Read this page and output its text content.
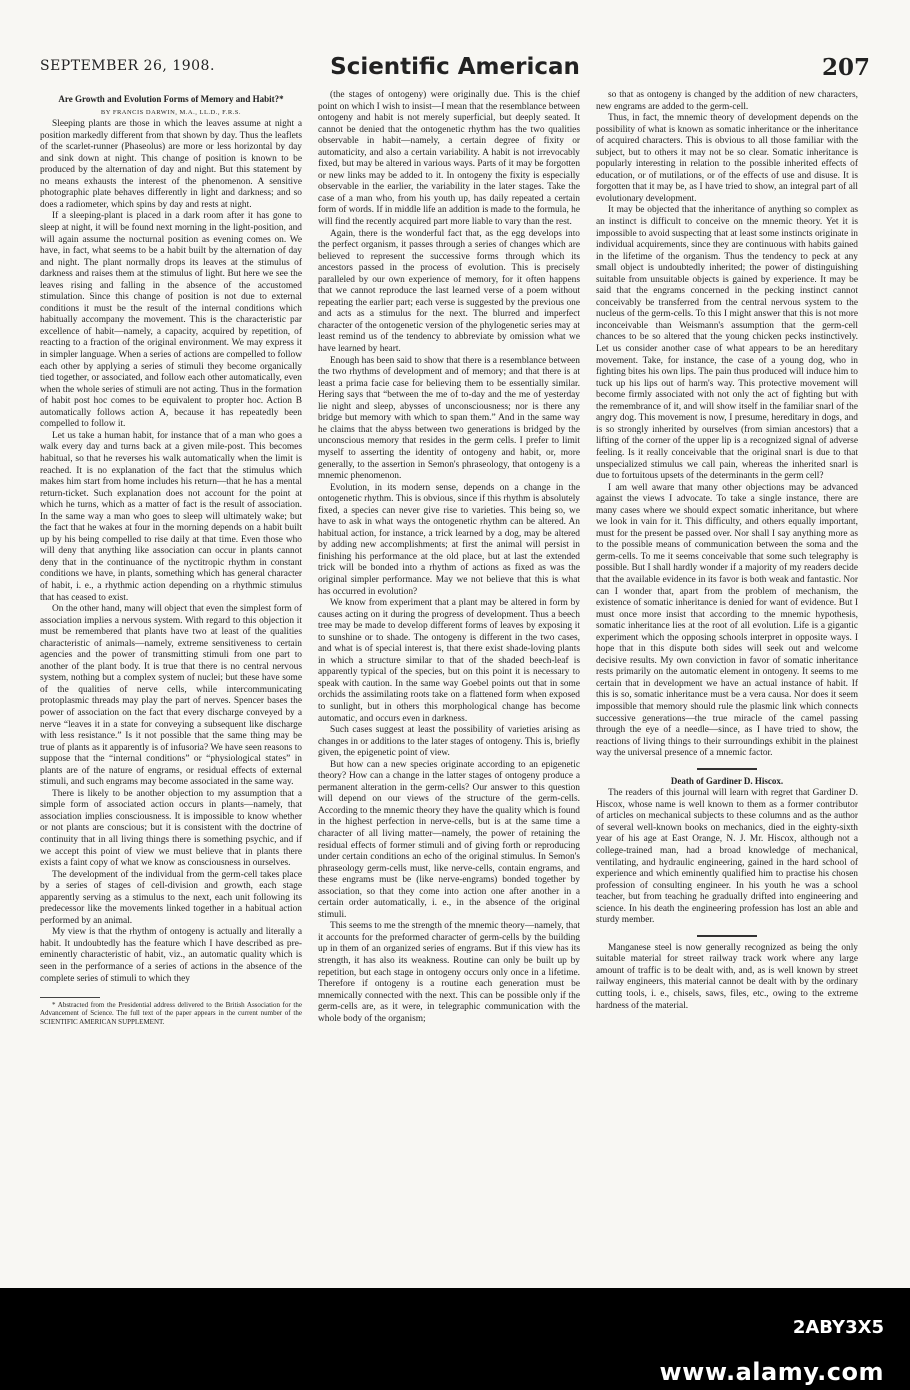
SEPTEMBER 26, 1908.	Scientific American	207
Are Growth and Evolution Forms of Memory and Habit?*
BY FRANCIS DARWIN, M.A., LL.D., F.R.S.

Sleeping plants are those in which the leaves assume at night a position markedly different from that shown by day. Thus the leaflets of the scarlet-runner (Phaseolus) are more or less horizontal by day and sink down at night. This change of position is known to be produced by the alternation of day and night. But this statement by no means exhausts the interest of the phenomenon. A sensitive photographic plate behaves differently in light and darkness; and so does a radiometer, which spins by day and rests at night.

If a sleeping-plant is placed in a dark room after it has gone to sleep at night, it will be found next morning in the light-position, and will again assume the nocturnal position as evening comes on. We have, in fact, what seems to be a habit built by the alternation of day and night. The plant normally drops its leaves at the stimulus of darkness and raises them at the stimulus of light. But here we see the leaves rising and falling in the absence of the accustomed stimulation. Since this change of position is not due to external conditions it must be the result of the internal conditions which habitually accompany the movement. This is the characteristic par excellence of habit—namely, a capacity, acquired by repetition, of reacting to a fraction of the original environment. We may express it in simpler language. When a series of actions are compelled to follow each other by applying a series of stimuli they become organically tied together, or associated, and follow each other automatically, even when the whole series of stimuli are not acting. Thus in the formation of habit post hoc comes to be equivalent to propter hoc. Action B automatically follows action A, because it has repeatedly been compelled to follow it.

Let us take a human habit, for instance that of a man who goes a walk every day and turns back at a given mile-post. This becomes habitual, so that he reverses his walk automatically when the limit is reached. It is no explanation of the fact that the stimulus which makes him start from home includes his return—that he has a mental return-ticket. Such explanation does not account for the point at which he turns, which as a matter of fact is the result of association. In the same way a man who goes to sleep will ultimately wake; but the fact that he wakes at four in the morning depends on a habit built up by his being compelled to rise daily at that time. Even those who will deny that anything like association can occur in plants cannot deny that in the continuance of the nyctitropic rhythm in constant conditions we have, in plants, something which has general character of habit, i. e., a rhythmic action depending on a rhythmic stimulus that has ceased to exist.

On the other hand, many will object that even the simplest form of association implies a nervous system. With regard to this objection it must be remembered that plants have two at least of the qualities characteristic of animals—namely, extreme sensitiveness to certain agencies and the power of transmitting stimuli from one part to another of the plant body. It is true that there is no central nervous system, nothing but a complex system of nuclei; but these have some of the qualities of nerve cells, while intercommunicating protoplasmic threads may play the part of nerves. Spencer bases the power of association on the fact that every discharge conveyed by a nerve “leaves it in a state for conveying a subsequent like discharge with less resistance.” Is it not possible that the same thing may be true of plants as it apparently is of infusoria? We have seen reasons to suppose that the “internal conditions” or “physiological states” in plants are of the nature of engrams, or residual effects of external stimuli, and such engrams may become associated in the same way.

There is likely to be another objection to my assumption that a simple form of associated action occurs in plants—namely, that association implies consciousness. It is impossible to know whether or not plants are conscious; but it is consistent with the doctrine of continuity that in all living things there is something psychic, and if we accept this point of view we must believe that in plants there exists a faint copy of what we know as consciousness in ourselves.

The development of the individual from the germ-cell takes place by a series of stages of cell-division and growth, each stage apparently serving as a stimulus to the next, each unit following its predecessor like the movements linked together in a habitual action performed by an animal.

My view is that the rhythm of ontogeny is actually and literally a habit. It undoubtedly has the feature which I have described as pre-eminently characteristic of habit, viz., an automatic quality which is seen in the performance of a series of actions in the absence of the complete series of stimuli to which they

* Abstracted from the Presidential address delivered to the British Association for the Advancement of Science. The full text of the paper appears in the current number of the SCIENTIFIC AMERICAN SUPPLEMENT.

(the stages of ontogeny) were originally due. This is the chief point on which I wish to insist—I mean that the resemblance between ontogeny and habit is not merely superficial, but deeply seated. It cannot be denied that the ontogenetic rhythm has the two qualities observable in habit—namely, a certain degree of fixity or automaticity, and also a certain variability. A habit is not irrevocably fixed, but may be altered in various ways. Parts of it may be forgotten or new links may be added to it. In ontogeny the fixity is especially observable in the earlier, the variability in the later stages. Take the case of a man who, from his youth up, has daily repeated a certain form of words. If in middle life an addition is made to the formula, he will find the recently acquired part more liable to vary than the rest.

Again, there is the wonderful fact that, as the egg develops into the perfect organism, it passes through a series of changes which are believed to represent the successive forms through which its ancestors passed in the process of evolution. This is precisely paralleled by our own experience of memory, for it often happens that we cannot reproduce the last learned verse of a poem without repeating the earlier part; each verse is suggested by the previous one and acts as a stimulus for the next. The blurred and imperfect character of the ontogenetic version of the phylogenetic series may at least remind us of the tendency to abbreviate by omission what we have learned by heart.

Enough has been said to show that there is a resemblance between the two rhythms of development and of memory; and that there is at least a prima facie case for believing them to be essentially similar. Hering says that “between the me of to-day and the me of yesterday lie night and sleep, abysses of unconsciousness; nor is there any bridge but memory with which to span them.” And in the same way he claims that the abyss between two generations is bridged by the unconscious memory that resides in the germ cells. I prefer to limit myself to asserting the identity of ontogeny and habit, or, more generally, to the assertion in Semon's phraseology, that ontogeny is a mnemic phenomenon.

Evolution, in its modern sense, depends on a change in the ontogenetic rhythm. This is obvious, since if this rhythm is absolutely fixed, a species can never give rise to varieties. This being so, we have to ask in what ways the ontogenetic rhythm can be altered. An habitual action, for instance, a trick learned by a dog, may be altered by adding new accomplishments; at first the animal will persist in finishing his performance at the old place, but at last the extended trick will be bonded into a rhythm of actions as fixed as was the original simpler performance. May we not believe that this is what has occurred in evolution?

We know from experiment that a plant may be altered in form by causes acting on it during the progress of development. Thus a beech tree may be made to develop different forms of leaves by exposing it to sunshine or to shade. The ontogeny is different in the two cases, and what is of special interest is, that there exist shade-loving plants in which a structure similar to that of the shaded beech-leaf is apparently typical of the species, but on this point it is necessary to speak with caution. In the same way Goebel points out that in some orchids the assimilating roots take on a flattened form when exposed to sunlight, but in others this morphological change has become automatic, and occurs even in darkness.

Such cases suggest at least the possibility of varieties arising as changes in or additions to the later stages of ontogeny. This is, briefly given, the epigenetic point of view.

But how can a new species originate according to an epigenetic theory? How can a change in the latter stages of ontogeny produce a permanent alteration in the germ-cells? Our answer to this question will depend on our views of the structure of the germ-cells. According to the mnemic theory they have the quality which is found in the highest perfection in nerve-cells, but is at the same time a character of all living matter—namely, the power of retaining the residual effects of former stimuli and of giving forth or reproducing under certain conditions an echo of the original stimulus. In Semon's phraseology germ-cells must, like nerve-cells, contain engrams, and these engrams must be (like nerve-engrams) bonded together by association, so that they come into action one after another in a certain order automatically, i. e., in the absence of the original stimuli.

This seems to me the strength of the mnemic theory—namely, that it accounts for the preformed character of germ-cells by the building up in them of an organized series of engrams. But if this view has its strength, it has also its weakness. Routine can only be built up by repetition, but each stage in ontogeny occurs only once in a lifetime. Therefore if ontogeny is a routine each generation must be mnemically connected with the next. This can be possible only if the germ-cells are, as it were, in telegraphic communication with the whole body of the organism;

so that as ontogeny is changed by the addition of new characters, new engrams are added to the germ-cell.

Thus, in fact, the mnemic theory of development depends on the possibility of what is known as somatic inheritance or the inheritance of acquired characters. This is obvious to all those familiar with the subject, but to others it may not be so clear. Somatic inheritance is popularly interesting in relation to the possible inherited effects of education, or of mutilations, or of the effects of use and disuse. It is forgotten that it may be, as I have tried to show, an integral part of all evolutionary development.

It may be objected that the inheritance of anything so complex as an instinct is difficult to conceive on the mnemic theory. Yet it is impossible to avoid suspecting that at least some instincts originate in individual acquirements, since they are continuous with habits gained in the lifetime of the organism. Thus the tendency to peck at any small object is undoubtedly inherited; the power of distinguishing suitable from unsuitable objects is gained by experience. It may be said that the engrams concerned in the pecking instinct cannot conceivably be transferred from the central nervous system to the nucleus of the germ-cells. To this I might answer that this is not more inconceivable than Weismann's assumption that the germ-cell chances to be so altered that the young chicken pecks instinctively. Let us consider another case of what appears to be an hereditary movement. Take, for instance, the case of a young dog, who in fighting bites his own lips. The pain thus produced will induce him to tuck up his lips out of harm's way. This protective movement will become firmly associated with not only the act of fighting but with the remembrance of it, and will show itself in the familiar snarl of the angry dog. This movement is now, I presume, hereditary in dogs, and is so strongly inherited by ourselves (from simian ancestors) that a lifting of the corner of the upper lip is a recognized signal of adverse feeling. Is it really conceivable that the original snarl is due to that unspecialized stimulus we call pain, whereas the inherited snarl is due to fortuitous upsets of the determinants in the germ cell?

I am well aware that many other objections may be advanced against the views I advocate. To take a single instance, there are many cases where we should expect somatic inheritance, but where we look in vain for it. This difficulty, and others equally important, must for the present be passed over. Nor shall I say anything more as to the possible means of communication between the soma and the germ-cells. To me it seems conceivable that some such telegraphy is possible. But I shall hardly wonder if a majority of my readers decide that the available evidence in its favor is both weak and fantastic. Nor can I wonder that, apart from the problem of mechanism, the existence of somatic inheritance is denied for want of evidence. But I must once more insist that according to the mnemic hypothesis, somatic inheritance lies at the root of all evolution. Life is a gigantic experiment which the opposing schools interpret in opposite ways. I hope that in this dispute both sides will seek out and welcome decisive results. My own conviction in favor of somatic inheritance rests primarily on the automatic element in ontogeny. It seems to me certain that in development we have an actual instance of habit. If this is so, somatic inheritance must be a vera causa. Nor does it seem impossible that memory should rule the plasmic link which connects successive generations—the true miracle of the camel passing through the eye of a needle—since, as I have tried to show, the reactions of living things to their surroundings exhibit in the plainest way the universal presence of a mnemic factor.

Death of Gardiner D. Hiscox.

The readers of this journal will learn with regret that Gardiner D. Hiscox, whose name is well known to them as a former contributor of articles on mechanical subjects to these columns and as the author of several well-known books on mechanics, died in the eighty-sixth year of his age at East Orange, N. J. Mr. Hiscox, although not a college-trained man, had a broad knowledge of mechanical, ventilating, and hydraulic engineering, gained in the hard school of experience and which eminently qualified him to practise his chosen profession of consulting engineer. In his youth he was a school teacher, but from teaching he gradually drifted into engineering and science. In his death the engineering profession has lost an able and sturdy member.

Manganese steel is now generally recognized as being the only suitable material for street railway track work where any large amount of traffic is to be dealt with, and, as is well known by street railway engineers, this material cannot be dealt with by the ordinary cutting tools, i. e., chisels, saws, files, etc., owing to the extreme hardness of the material.

2ABY3X5
www.alamy.com
